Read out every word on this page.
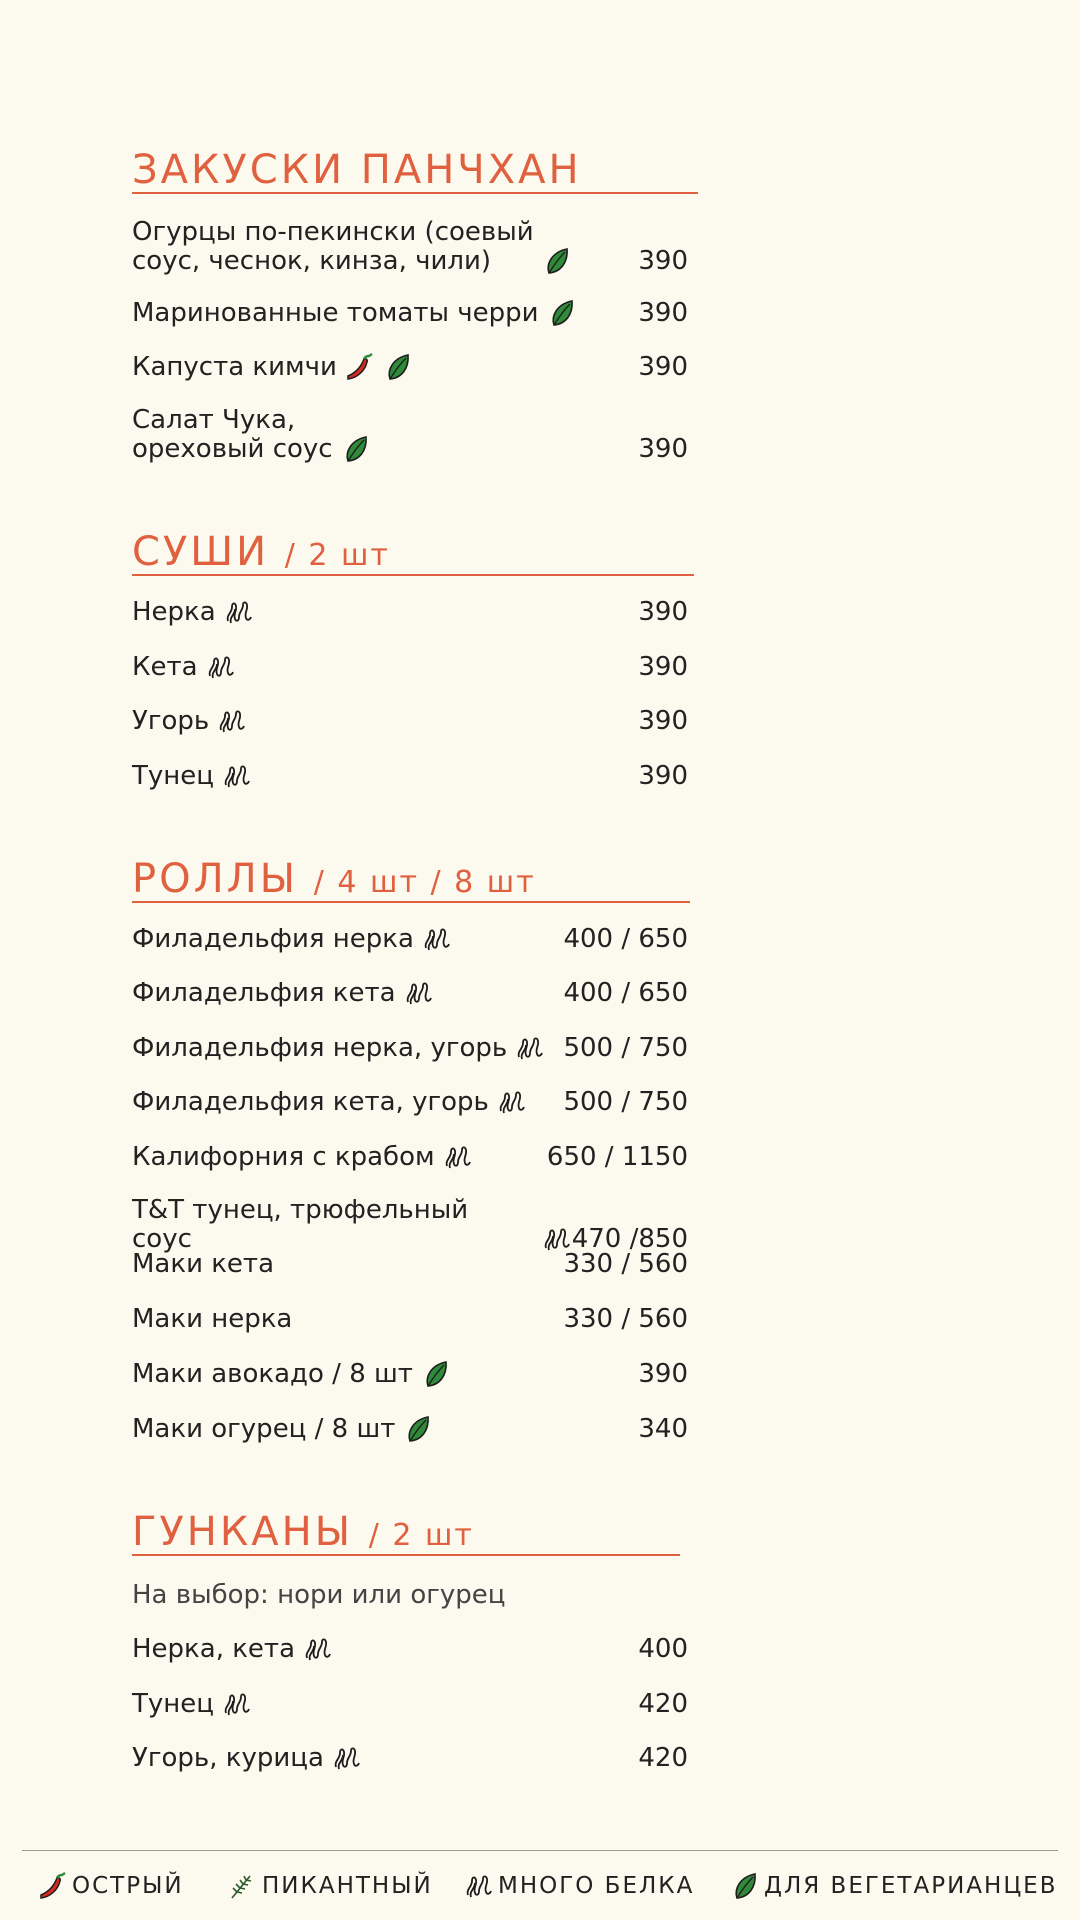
ЗАКУСКИ ПАНЧХАН
Огурцы по-пекински (соевый
соус, чеснок, кинза, чили)	390
Маринованные томаты черри	390
Капуста кимчи	390
Салат Чука,
ореховый соус	390
СУШИ / 2 шт
Нерка	390
Кета	390
Угорь	390
Тунец	390
РОЛЛЫ / 4 шт / 8 шт
Филадельфия нерка	400 / 650
Филадельфия кета	400 / 650
Филадельфия нерка, угорь 500 / 750
Филадельфия кета, угорь	500 / 750
Калифорния с крабом	650 / 1150
T&T тунец, трюфельный соус	470 /850
Маки кета	330 / 560
Маки нерка	330 / 560
Маки авокадо / 8 шт	390
Маки огурец / 8 шт	340
ГУНКАНЫ / 2 шт
На выбор: нори или огурец
Нерка, кета	400
Тунец	420
Угорь, курица	420
ОСТРЫЙ	ПИКАНТНЫЙ	МНОГО БЕЛКА	ДЛЯ ВЕГЕТАРИАНЦЕВ
